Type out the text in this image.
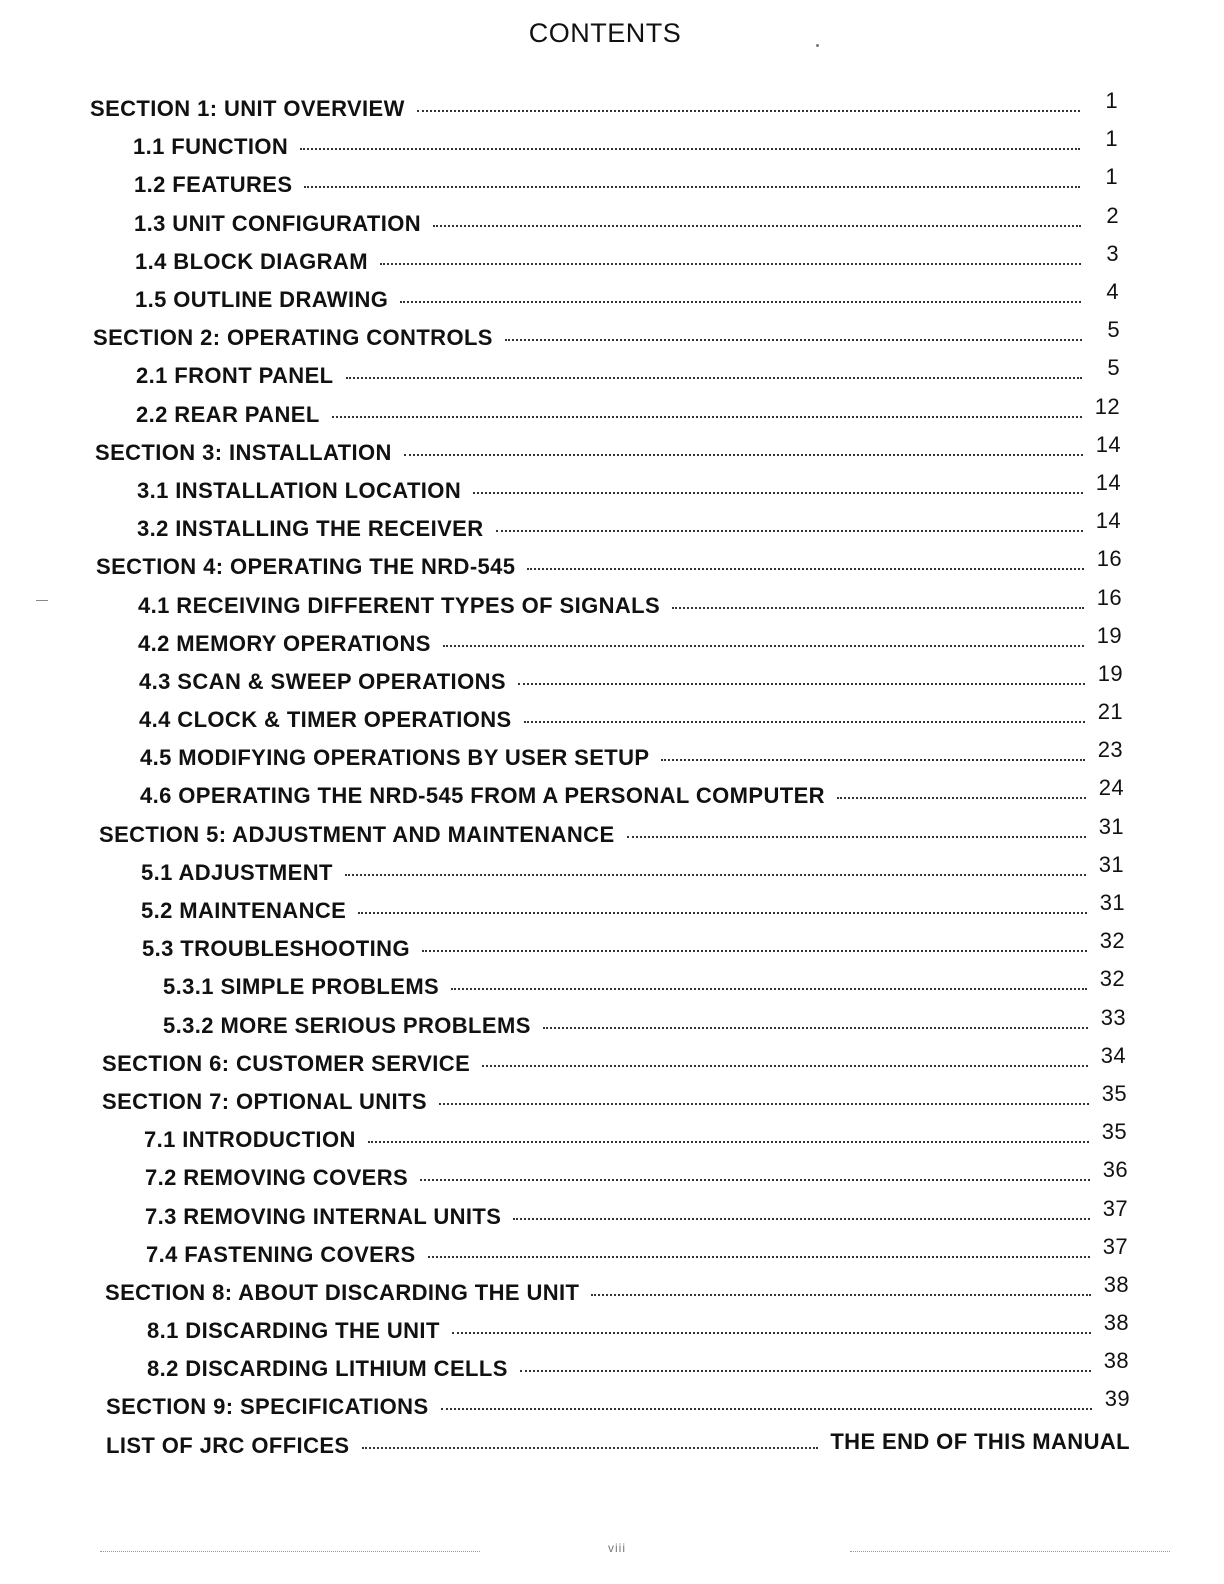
CONTENTS
SECTION 1: UNIT OVERVIEW	1
1.1 FUNCTION	1
1.2 FEATURES	1
1.3 UNIT CONFIGURATION	2
1.4 BLOCK DIAGRAM	3
1.5 OUTLINE DRAWING	4
SECTION 2: OPERATING CONTROLS	5
2.1 FRONT PANEL	5
2.2 REAR PANEL	12
SECTION 3: INSTALLATION	14
3.1 INSTALLATION LOCATION	14
3.2 INSTALLING THE RECEIVER	14
SECTION 4: OPERATING THE NRD-545	16
4.1 RECEIVING DIFFERENT TYPES OF SIGNALS	16
4.2 MEMORY OPERATIONS	19
4.3 SCAN & SWEEP OPERATIONS	19
4.4 CLOCK & TIMER OPERATIONS	21
4.5 MODIFYING OPERATIONS BY USER SETUP	23
4.6 OPERATING THE NRD-545 FROM A PERSONAL COMPUTER	24
SECTION 5: ADJUSTMENT AND MAINTENANCE	31
5.1 ADJUSTMENT	31
5.2 MAINTENANCE	31
5.3 TROUBLESHOOTING	32
5.3.1 SIMPLE PROBLEMS	32
5.3.2 MORE SERIOUS PROBLEMS	33
SECTION 6: CUSTOMER SERVICE	34
SECTION 7: OPTIONAL UNITS	35
7.1 INTRODUCTION	35
7.2 REMOVING COVERS	36
7.3 REMOVING INTERNAL UNITS	37
7.4 FASTENING COVERS	37
SECTION 8: ABOUT DISCARDING THE UNIT	38
8.1 DISCARDING THE UNIT	38
8.2 DISCARDING LITHIUM CELLS	38
SECTION 9: SPECIFICATIONS	39
LIST OF JRC OFFICES	THE END OF THIS MANUAL
viii
